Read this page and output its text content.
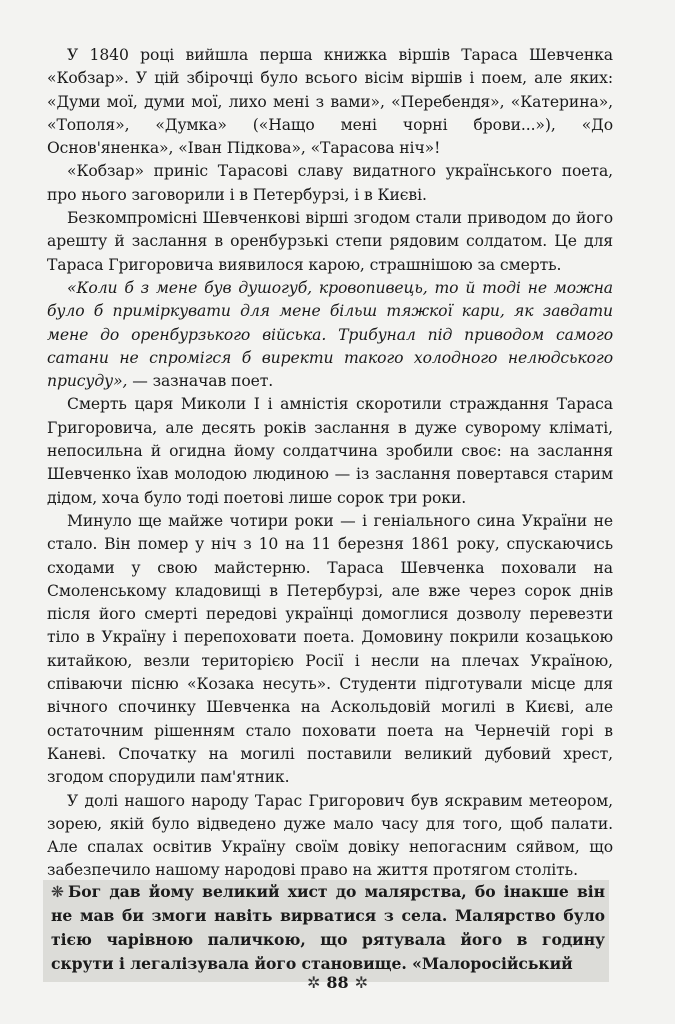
У 1840 році вийшла перша книжка віршів Тараса Шевченка «Кобзар». У цій збірочці було всього вісім віршів і поем, але яких: «Думи мої, думи мої, лихо мені з вами», «Перебендя», «Катерина», «Тополя», «Думка» («Нащо мені чорні брови...»), «До Основ'яненка», «Іван Підкова», «Тарасова ніч»!

«Кобзар» приніс Тарасові славу видатного українського поета, про нього заговорили і в Петербурзі, і в Києві.

Безкомпромісні Шевченкові вірші згодом стали приводом до його арешту й заслання в оренбурзькі степи рядовим солдатом. Це для Тараса Григоровича виявилося карою, страшнішою за смерть.

«Коли б з мене був душогуб, кровопивець, то й тоді не можна було б приміркувати для мене більш тяжкої кари, як завдати мене до оренбурзького війська. Трибунал під приводом самого сатани не спромігся б виректи такого холодного нелюдського присуду», — зазначав поет.

Смерть царя Миколи I і амністія скоротили страждання Тараса Григоровича, але десять років заслання в дуже суворому кліматі, непосильна й огидна йому солдатчина зробили своє: на заслання Шевченко їхав молодою людиною — із заслання повертався старим дідом, хоча було тоді поетові лише сорок три роки.

Минуло ще майже чотири роки — і геніального сина України не стало. Він помер у ніч з 10 на 11 березня 1861 року, спускаючись сходами у свою майстерню. Тараса Шевченка поховали на Смоленському кладовищі в Петербурзі, але вже через сорок днів після його смерті передові українці домоглися дозволу перевезти тіло в Україну і перепоховати поета. Домовину покрили козацькою китайкою, везли територією Росії і несли на плечах Україною, співаючи пісню «Козака несуть». Студенти підготували місце для вічного спочинку Шевченка на Аскольдовій могилі в Києві, але остаточним рішенням стало поховати поета на Чернечій горі в Каневі. Спочатку на могилі поставили великий дубовий хрест, згодом спорудили пам'ятник.

У долі нашого народу Тарас Григорович був яскравим метеором, зорею, якій було відведено дуже мало часу для того, щоб палати. Але спалах освітив Україну своїм довіку непогасним сяйвом, що забезпечило нашому народові право на життя протягом століть.

❋ Бог дав йому великий хист до малярства, бо інакше він не мав би змоги навіть вирватися з села. Малярство було тією чарівною паличкою, що рятувала його в годину скрути і легалізувала його становище. «Малоросійський
✲ 88 ✲
